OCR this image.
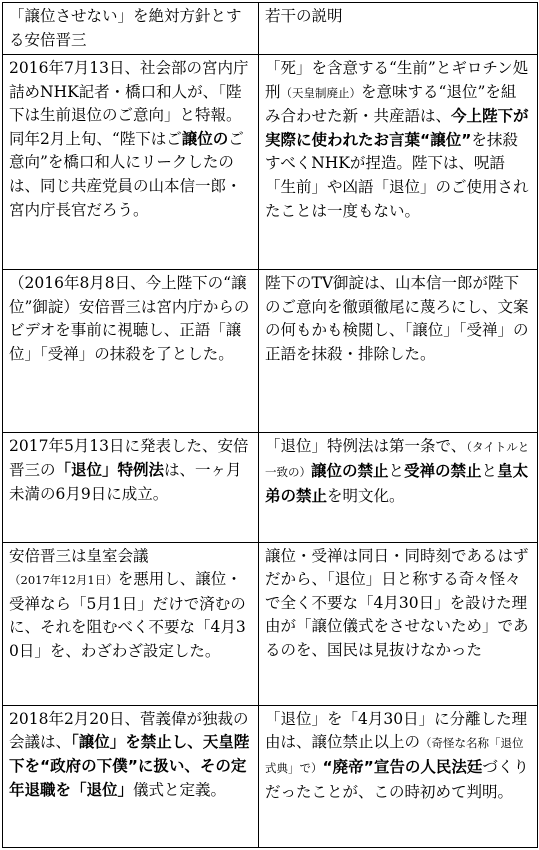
「譲位させない」を絶対方針とする安倍晋三	若干の説明
2016年7月13日、社会部の宮内庁詰めNHK記者・橋口和人が、「陛下は生前退位のご意向」と特報。同年2月上旬、“陛下はご譲位のご意向”を橋口和人にリークしたのは、同じ共産党員の山本信一郎・宮内庁長官だろう。	「死」を含意する“生前”とギロチン処刑（天皇制廃止）を意味する“退位”を組み合わせた新・共産語は、今上陛下が実際に使われたお言葉“譲位”を抹殺すべくNHKが捏造。陛下は、呪語「生前」や凶語「退位」のご使用されたことは一度もない。
（2016年8月8日、今上陛下の“譲位”御諚）安倍晋三は宮内庁からのビデオを事前に視聴し、正語「譲位」「受禅」の抹殺を了とした。	陛下のTV御諚は、山本信一郎が陛下のご意向を徹頭徹尾に蔑ろにし、文案の何もかも検閲し、「譲位」「受禅」の正語を抹殺・排除した。
2017年5月13日に発表した、安倍晋三の「退位」特例法は、一ヶ月未満の6月9日に成立。	「退位」特例法は第一条で、（タイトルと一致の）譲位の禁止と受禅の禁止と皇太弟の禁止を明文化。
安倍晋三は皇室会議（2017年12月1日）を悪用し、譲位・受禅なら「5月1日」だけで済むのに、それを阻むべく不要な「4月30日」を、わざわざ設定した。	譲位・受禅は同日・同時刻であるはずだから、「退位」日と称する奇々怪々で全く不要な「4月30日」を設けた理由が「譲位儀式をさせないため」であるのを、国民は見抜けなかった
2018年2月20日、菅義偉が独裁の会議は、「譲位」を禁止し、天皇陛下を“政府の下僕”に扱い、その定年退職を「退位」儀式と定義。	「退位」を「4月30日」に分離した理由は、譲位禁止以上の（奇怪な名称「退位式典」で）“廃帝”宣告の人民法廷づくりだったことが、この時初めて判明。
